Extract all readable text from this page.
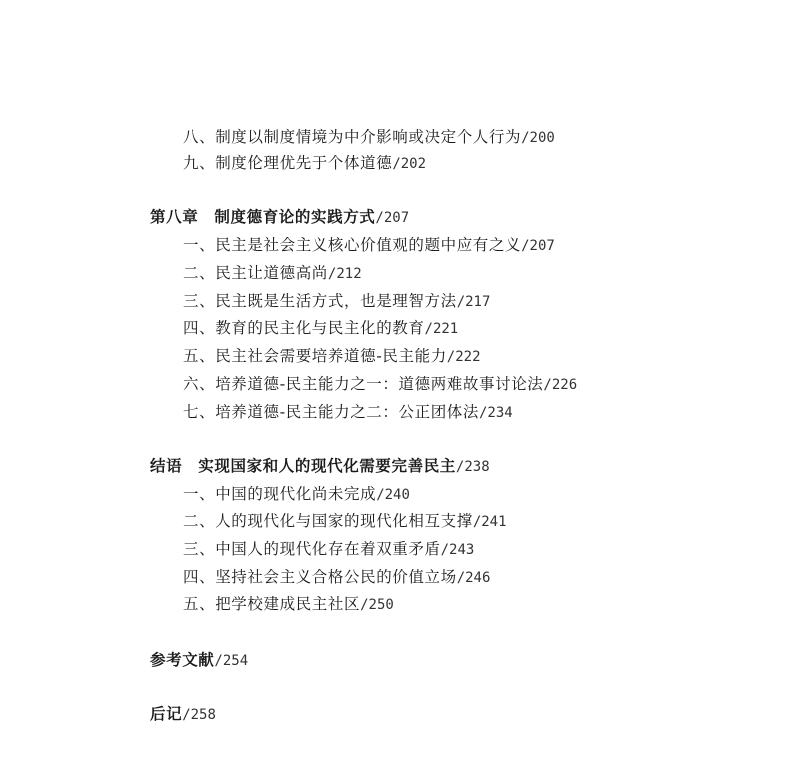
八、制度以制度情境为中介影响或决定个人行为/200
九、制度伦理优先于个体道德/202
第八章　制度德育论的实践方式/207
一、民主是社会主义核心价值观的题中应有之义/207
二、民主让道德高尚/212
三、民主既是生活方式，也是理智方法/217
四、教育的民主化与民主化的教育/221
五、民主社会需要培养道德-民主能力/222
六、培养道德-民主能力之一：道德两难故事讨论法/226
七、培养道德-民主能力之二：公正团体法/234
结语　实现国家和人的现代化需要完善民主/238
一、中国的现代化尚未完成/240
二、人的现代化与国家的现代化相互支撑/241
三、中国人的现代化存在着双重矛盾/243
四、坚持社会主义合格公民的价值立场/246
五、把学校建成民主社区/250
参考文献/254
后记/258
